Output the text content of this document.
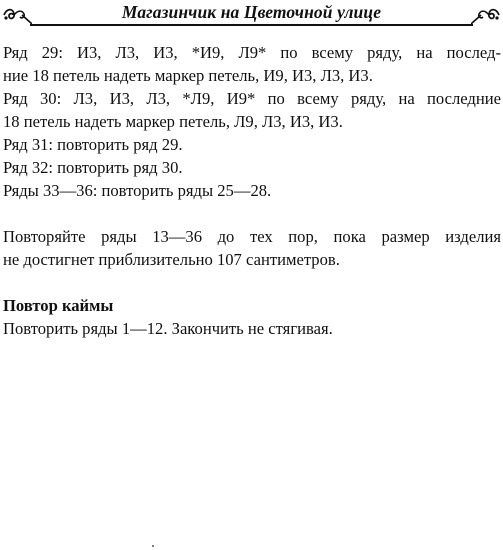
Магазинчик на Цветочной улице

Ряд 29: И3, Л3, И3, *И9, Л9* по всему ряду, на послед-
ние 18 петель надеть маркер петель, И9, И3, Л3, И3.

Ряд 30: Л3, И3, Л3, *Л9, И9* по всему ряду, на последние
18 петель надеть маркер петель, Л9, Л3, И3, И3.

Ряд 31: повторить ряд 29.

Ряд 32: повторить ряд 30.

Ряды 33—36: повторить ряды 25—28.

Повторяйте ряды 13—36 до тех пор, пока размер изделия
не достигнет приблизительно 107 сантиметров.

Повтор каймы

Повторить ряды 1—12. Закончить не стягивая.
